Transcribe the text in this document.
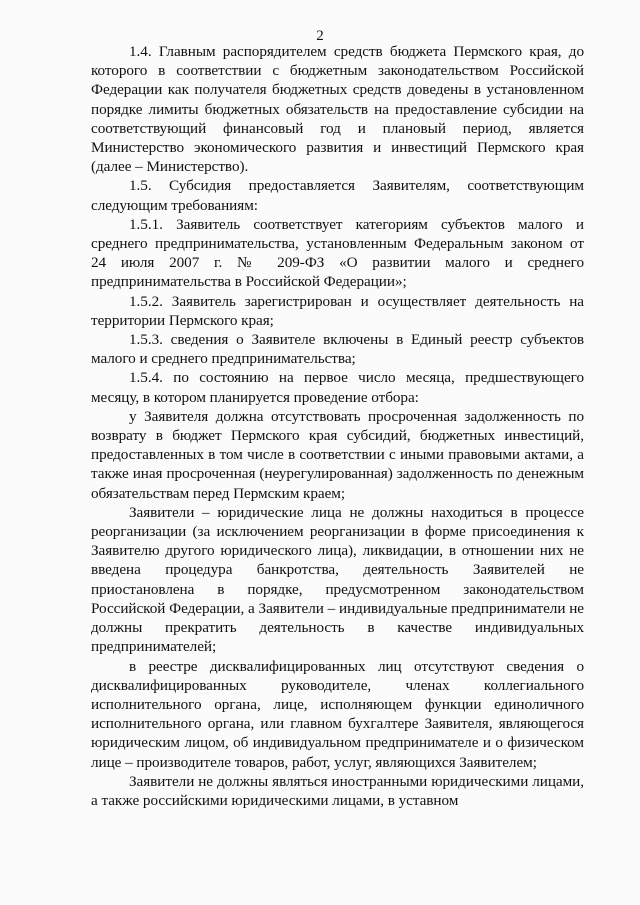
2

1.4. Главным распорядителем средств бюджета Пермского края, до которого в соответствии с бюджетным законодательством Российской Федерации как получателя бюджетных средств доведены в установленном порядке лимиты бюджетных обязательств на предоставление субсидии на соответствующий финансовый год и плановый период, является Министерство экономического развития и инвестиций Пермского края (далее – Министерство).

1.5. Субсидия предоставляется Заявителям, соответствующим следующим требованиям:

1.5.1. Заявитель соответствует категориям субъектов малого и среднего предпринимательства, установленным Федеральным законом от 24 июля 2007 г. № 209-ФЗ «О развитии малого и среднего предпринимательства в Российской Федерации»;

1.5.2. Заявитель зарегистрирован и осуществляет деятельность на территории Пермского края;

1.5.3. сведения о Заявителе включены в Единый реестр субъектов малого и среднего предпринимательства;

1.5.4. по состоянию на первое число месяца, предшествующего месяцу, в котором планируется проведение отбора:

у Заявителя должна отсутствовать просроченная задолженность по возврату в бюджет Пермского края субсидий, бюджетных инвестиций, предоставленных в том числе в соответствии с иными правовыми актами, а также иная просроченная (неурегулированная) задолженность по денежным обязательствам перед Пермским краем;

Заявители – юридические лица не должны находиться в процессе реорганизации (за исключением реорганизации в форме присоединения к Заявителю другого юридического лица), ликвидации, в отношении них не введена процедура банкротства, деятельность Заявителей не приостановлена в порядке, предусмотренном законодательством Российской Федерации, а Заявители – индивидуальные предприниматели не должны прекратить деятельность в качестве индивидуальных предпринимателей;

в реестре дисквалифицированных лиц отсутствуют сведения о дисквалифицированных руководителе, членах коллегиального исполнительного органа, лице, исполняющем функции единоличного исполнительного органа, или главном бухгалтере Заявителя, являющегося юридическим лицом, об индивидуальном предпринимателе и о физическом лице – производителе товаров, работ, услуг, являющихся Заявителем;

Заявители не должны являться иностранными юридическими лицами, а также российскими юридическими лицами, в уставном
